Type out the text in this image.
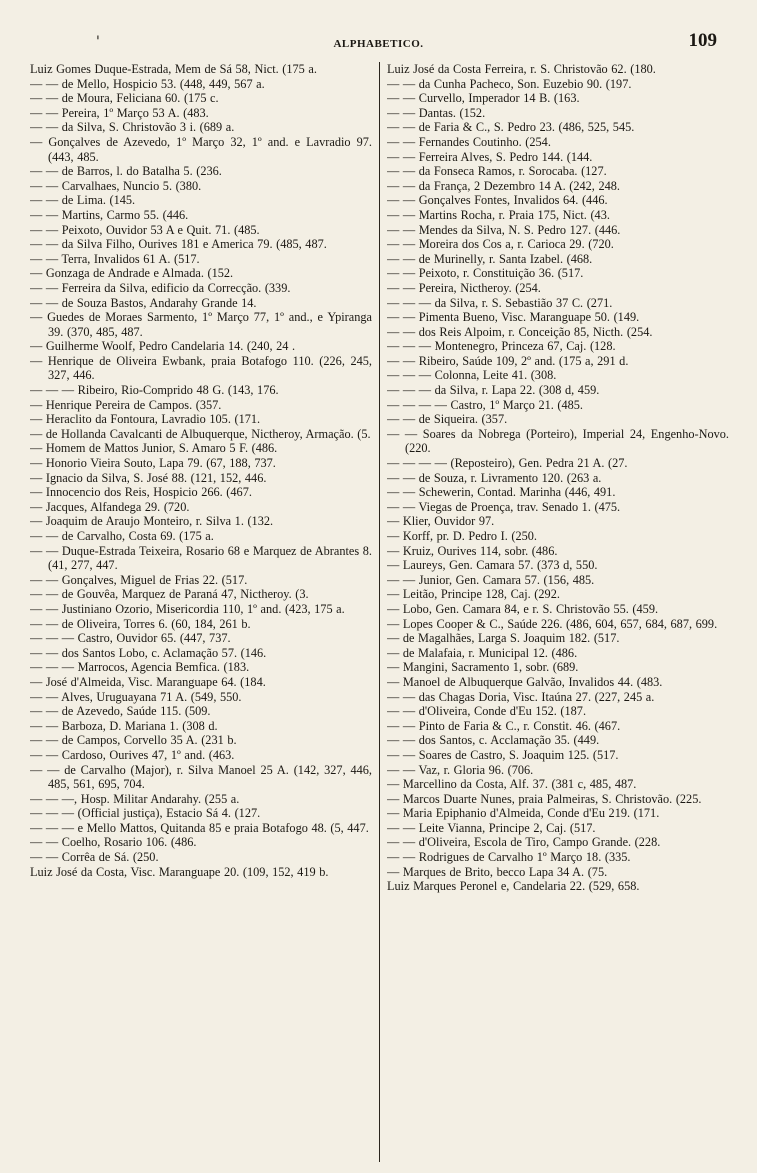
'	ALPHABETICO.	109

Luiz Gomes Duque-Estrada, Mem de Sá 58, Nict. (175 a.

— — de Mello, Hospicio 53. (448, 449, 567 a.

— — de Moura, Feliciana 60. (175 c.

— — Pereira, 1º Março 53 A. (483.

— — da Silva, S. Christovão 3 i. (689 a.

— Gonçalves de Azevedo, 1º Março 32, 1º and. e Lavradio 97. (443, 485.

— — de Barros, l. do Batalha 5. (236.

— — Carvalhaes, Nuncio 5. (380.

— — de Lima. (145.

— — Martins, Carmo 55. (446.

— — Peixoto, Ouvidor 53 A e Quit. 71. (485.

— — da Silva Filho, Ourives 181 e America 79. (485, 487.

— — Terra, Invalidos 61 A. (517.

— Gonzaga de Andrade e Almada. (152.

— — Ferreira da Silva, edificio da Correcção. (339.

— — de Souza Bastos, Andarahy Grande 14.

— Guedes de Moraes Sarmento, 1º Março 77, 1º and., e Ypiranga 39. (370, 485, 487.

— Guilherme Woolf, Pedro Candelaria 14. (240, 24 .

— Henrique de Oliveira Ewbank, praia Botafogo 110. (226, 245, 327, 446.

— — — Ribeiro, Rio-Comprido 48 G. (143, 176.

— Henrique Pereira de Campos. (357.

— Heraclito da Fontoura, Lavradio 105. (171.

— de Hollanda Cavalcanti de Albuquerque, Nictheroy, Armação. (5.

— Homem de Mattos Junior, S. Amaro 5 F. (486.

— Honorio Vieira Souto, Lapa 79. (67, 188, 737.

— Ignacio da Silva, S. José 88. (121, 152, 446.

— Innocencio dos Reis, Hospicio 266. (467.

— Jacques, Alfandega 29. (720.

— Joaquim de Araujo Monteiro, r. Silva 1. (132.

— — de Carvalho, Costa 69. (175 a.

— — Duque-Estrada Teixeira, Rosario 68 e Marquez de Abrantes 8. (41, 277, 447.

— — Gonçalves, Miguel de Frias 22. (517.

— — de Gouvêa, Marquez de Paraná 47, Nictheroy. (3.

— — Justiniano Ozorio, Misericordia 110, 1º and. (423, 175 a.

— — de Oliveira, Torres 6. (60, 184, 261 b.

— — — Castro, Ouvidor 65. (447, 737.

— — dos Santos Lobo, c. Aclamação 57. (146.

— — — Marrocos, Agencia Bemfica. (183.

— José d'Almeida, Visc. Maranguape 64. (184.

— — Alves, Uruguayana 71 A. (549, 550.

— — de Azevedo, Saúde 115. (509.

— — Barboza, D. Mariana 1. (308 d.

— — de Campos, Corvello 35 A. (231 b.

— — Cardoso, Ourives 47, 1º and. (463.

— — de Carvalho (Major), r. Silva Manoel 25 A. (142, 327, 446, 485, 561, 695, 704.

— — —, Hosp. Militar Andarahy. (255 a.

— — — (Official justiça), Estacio Sá 4. (127.

— — — e Mello Mattos, Quitanda 85 e praia Botafogo 48. (5, 447.

— — Coelho, Rosario 106. (486.

— — Corrêa de Sá. (250.

Luiz José da Costa, Visc. Maranguape 20. (109, 152, 419 b.

Luiz José da Costa Ferreira, r. S. Christovão 62. (180.

— — da Cunha Pacheco, Son. Euzebio 90. (197.

— — Curvello, Imperador 14 B. (163.

— — Dantas. (152.

— — de Faria & C., S. Pedro 23. (486, 525, 545.

— — Fernandes Coutinho. (254.

— — Ferreira Alves, S. Pedro 144. (144.

— — da Fonseca Ramos, r. Sorocaba. (127.

— — da França, 2 Dezembro 14 A. (242, 248.

— — Gonçalves Fontes, Invalidos 64. (446.

— — Martins Rocha, r. Praia 175, Nict. (43.

— — Mendes da Silva, N. S. Pedro 127. (446.

— — Moreira dos Cos a, r. Carioca 29. (720.

— — de Murinelly, r. Santa Izabel. (468.

— — Peixoto, r. Constituição 36. (517.

— — Pereira, Nictheroy. (254.

— — — da Silva, r. S. Sebastião 37 C. (271.

— — Pimenta Bueno, Visc. Maranguape 50. (149.

— — dos Reis Alpoim, r. Conceição 85, Nicth. (254.

— — — Montenegro, Princeza 67, Caj. (128.

— — Ribeiro, Saúde 109, 2º and. (175 a, 291 d.

— — — Colonna, Leite 41. (308.

— — — da Silva, r. Lapa 22. (308 d, 459.

— — — — Castro, 1º Março 21. (485.

— — de Siqueira. (357.

— — Soares da Nobrega (Porteiro), Imperial 24, Engenho-Novo. (220.

— — — — (Reposteiro), Gen. Pedra 21 A. (27.

— — de Souza, r. Livramento 120. (263 a.

— — Schewerin, Contad. Marinha (446, 491.

— — Viegas de Proença, trav. Senado 1. (475.

— Klier, Ouvidor 97.

— Korff, pr. D. Pedro I. (250.

— Kruiz, Ourives 114, sobr. (486.

— Laureys, Gen. Camara 57. (373 d, 550.

— — Junior, Gen. Camara 57. (156, 485.

— Leitão, Principe 128, Caj. (292.

— Lobo, Gen. Camara 84, e r. S. Christovão 55. (459.

— Lopes Cooper & C., Saúde 226. (486, 604, 657, 684, 687, 699.

— de Magalhães, Larga S. Joaquim 182. (517.

— de Malafaia, r. Municipal 12. (486.

— Mangini, Sacramento 1, sobr. (689.

— Manoel de Albuquerque Galvão, Invalidos 44. (483.

— — das Chagas Doria, Visc. Itaúna 27. (227, 245 a.

— — d'Oliveira, Conde d'Eu 152. (187.

— — Pinto de Faria & C., r. Constit. 46. (467.

— — dos Santos, c. Acclamação 35. (449.

— — Soares de Castro, S. Joaquim 125. (517.

— — Vaz, r. Gloria 96. (706.

— Marcellino da Costa, Alf. 37. (381 c, 485, 487.

— Marcos Duarte Nunes, praia Palmeiras, S. Christovão. (225.

— Maria Epiphanio d'Almeida, Conde d'Eu 219. (171.

— — Leite Vianna, Principe 2, Caj. (517.

— — d'Oliveira, Escola de Tiro, Campo Grande. (228.

— — Rodrigues de Carvalho 1º Março 18. (335.

— Marques de Brito, becco Lapa 34 A. (75.

Luiz Marques Peronel e, Candelaria 22. (529, 658.
